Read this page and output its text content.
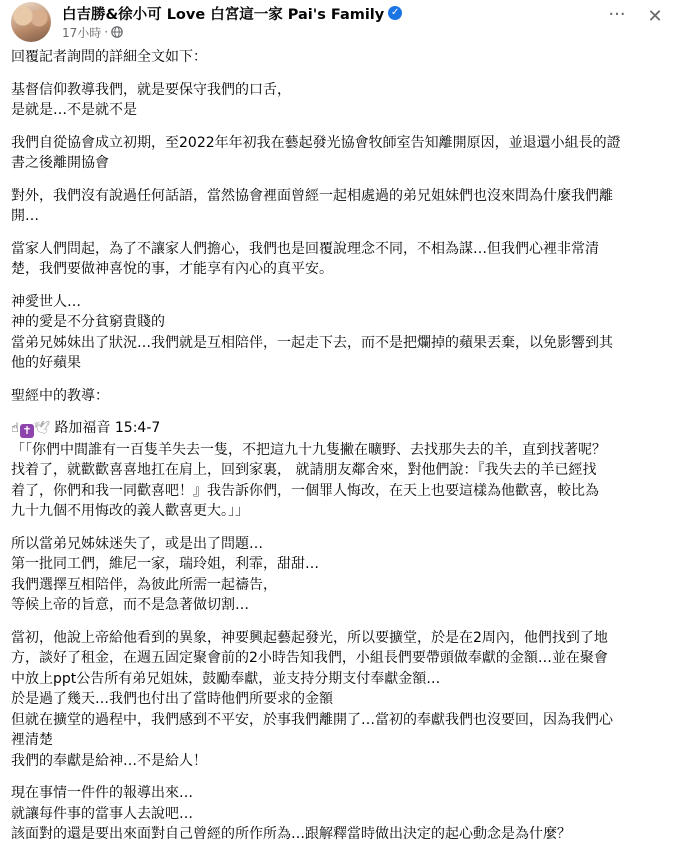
白吉勝&徐小可 Love 白宮這一家 Pai's Family ✓
17小時 ·
···	✕
回覆記者詢問的詳細全文如下：
基督信仰教導我們，就是要保守我們的口舌，
是就是…不是就不是
我們自從協會成立初期，至2022年年初我在藝起發光協會牧師室告知離開原因，並退還小組長的證
書之後離開協會
對外，我們沒有說過任何話語，當然協會裡面曾經一起相處過的弟兄姐妹們也沒來問為什麼我們離
開…
當家人們問起，為了不讓家人們擔心，我們也是回覆說理念不同，不相為謀…但我們心裡非常清
楚，我們要做神喜悅的事，才能享有內心的真平安。
神愛世人…
神的愛是不分貧窮貴賤的
當弟兄姊妹出了狀況…我們就是互相陪伴，一起走下去，而不是把爛掉的蘋果丟棄，以免影響到其
他的好蘋果
聖經中的教導：
☝ ✝ 🕊 路加福音 15:4-7
「「你們中間誰有一百隻羊失去一隻，不把這九十九隻撇在曠野、去找那失去的羊，直到找著呢？
找着了，就歡歡喜喜地扛在肩上，回到家裏， 就請朋友鄰舍來，對他們說：『我失去的羊已經找
着了，你們和我一同歡喜吧！』我告訴你們，一個罪人悔改，在天上也要這樣為他歡喜，較比為
九十九個不用悔改的義人歡喜更大。」」
所以當弟兄姊妹迷失了，或是出了問題…
第一批同工們，維尼一家，瑞玲姐，利霏，甜甜…
我們選擇互相陪伴，為彼此所需一起禱告，
等候上帝的旨意，而不是急著做切割…
當初，他說上帝給他看到的異象，神要興起藝起發光，所以要擴堂，於是在2周內，他們找到了地
方，談好了租金，在週五固定聚會前的2小時告知我們，小組長們要帶頭做奉獻的金額…並在聚會
中放上ppt公告所有弟兄姐妹，鼓勵奉獻，並支持分期支付奉獻金額…
於是過了幾天…我們也付出了當時他們所要求的金額
但就在擴堂的過程中，我們感到不平安，於事我們離開了…當初的奉獻我們也沒要回，因為我們心
裡清楚
我們的奉獻是給神…不是給人！
現在事情一件件的報導出來…
就讓每件事的當事人去說吧…
該面對的還是要出來面對自己曾經的所作所為…跟解釋當時做出決定的起心動念是為什麼？
